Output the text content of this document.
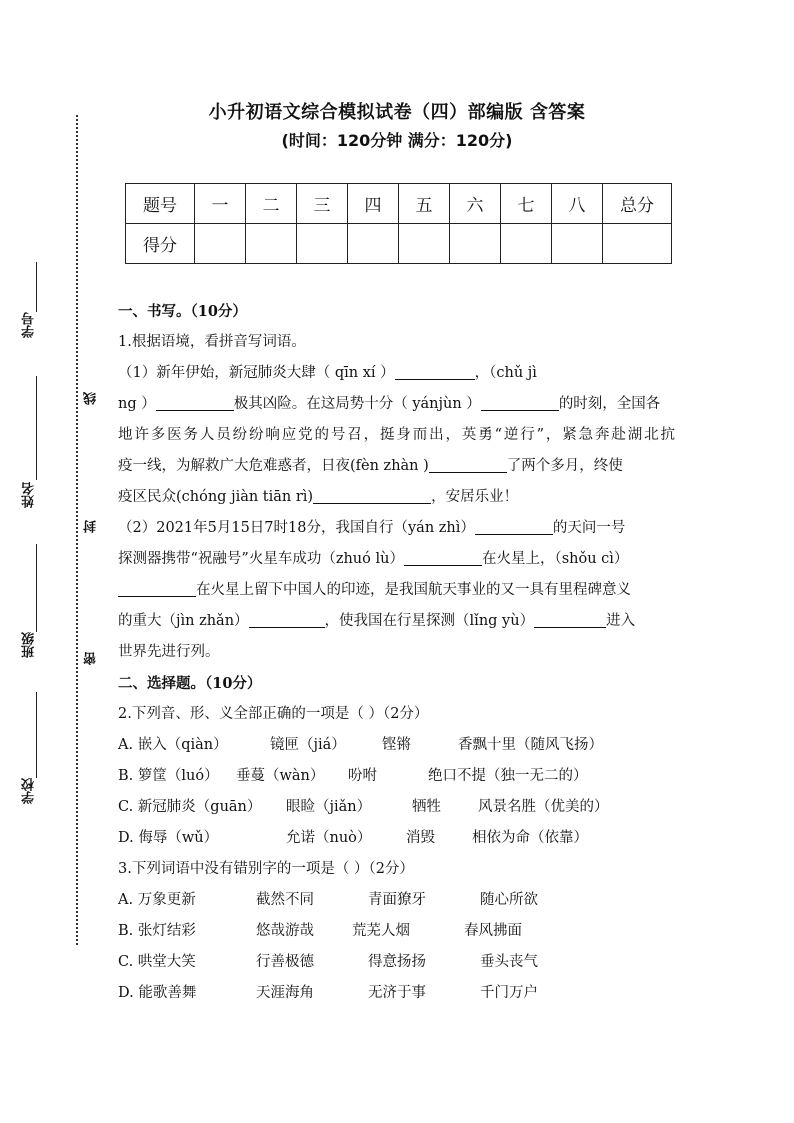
学号
姓名
班级
学校
线
封
密
小升初语文综合模拟试卷（四）部编版 含答案
(时间：120分钟 满分：120分)
题号	一	二	三	四	五	六	七	八	总分
得分									
一、书写。（10分）
1.根据语境，看拼音写词语。
（1）新年伊始，新冠肺炎大肆（ qīn xí ）	，（chǔ jì
ng ）	极其凶险。在这局势十分（ yánjùn ）	的时刻，全国各
地许多医务人员纷纷响应党的号召，挺身而出，英勇“逆行”，紧急奔赴湖北抗
疫一线，为解救广大危难惑者，日夜(fèn zhàn )	了两个多月，终使
疫区民众(chóng jiàn tiān rì)	，安居乐业！
（2）2021年5月15日7时18分，我国自行（yán zhì）	的天问一号
探测器携带“祝融号”火星车成功（zhuó lù）	在火星上，（shǒu cì）
在火星上留下中国人的印迹，是我国航天事业的又一具有里程碑意义
的重大（jìn zhǎn）	，使我国在行星探测（lǐng yù）	进入
世界先进行列。
二、选择题。（10分）
2.下列音、形、义全部正确的一项是（ ）（2分）
A. 嵌入（qiàn）	镜匣（jiá） 铿锵	香飘十里（随风飞扬）
B. 箩筐（luó） 垂蔓（wàn） 吩咐	绝口不提（独一无二的）
C. 新冠肺炎（guān） 眼睑（jiǎn）	牺牲	风景名胜（优美的）
D. 侮辱（wǔ）	允诺（nuò） 消毁	相依为命（依靠）
3.下列词语中没有错别字的一项是（ ）（2分）
A. 万象更新	截然不同	青面獠牙	随心所欲
B. 张灯结彩	悠哉游哉	荒芜人烟	春风拂面
C. 哄堂大笑	行善极德	得意扬扬	垂头丧气
D. 能歌善舞	天涯海角	无济于事	千门万户
